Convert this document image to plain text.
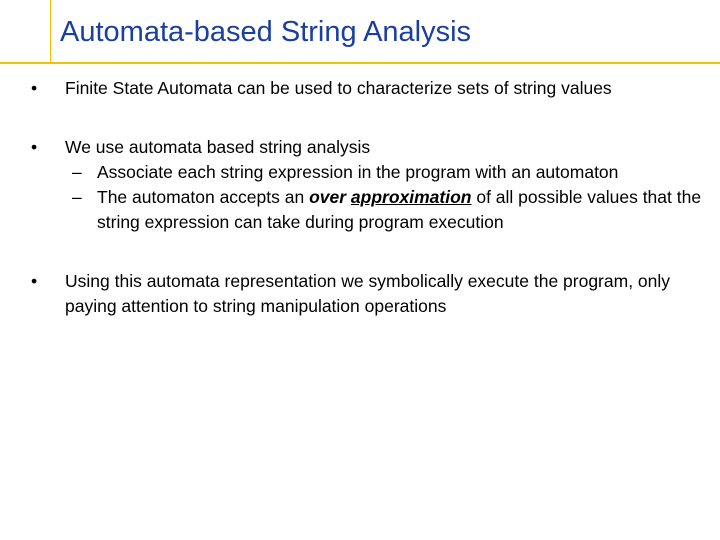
Automata-based String Analysis
• Finite State Automata can be used to characterize sets of string values
• We use automata based string analysis
– Associate each string expression in the program with an automaton
– The automaton accepts an over approximation of all possible values that the string expression can take during program execution
• Using this automata representation we symbolically execute the program, only paying attention to string manipulation operations
